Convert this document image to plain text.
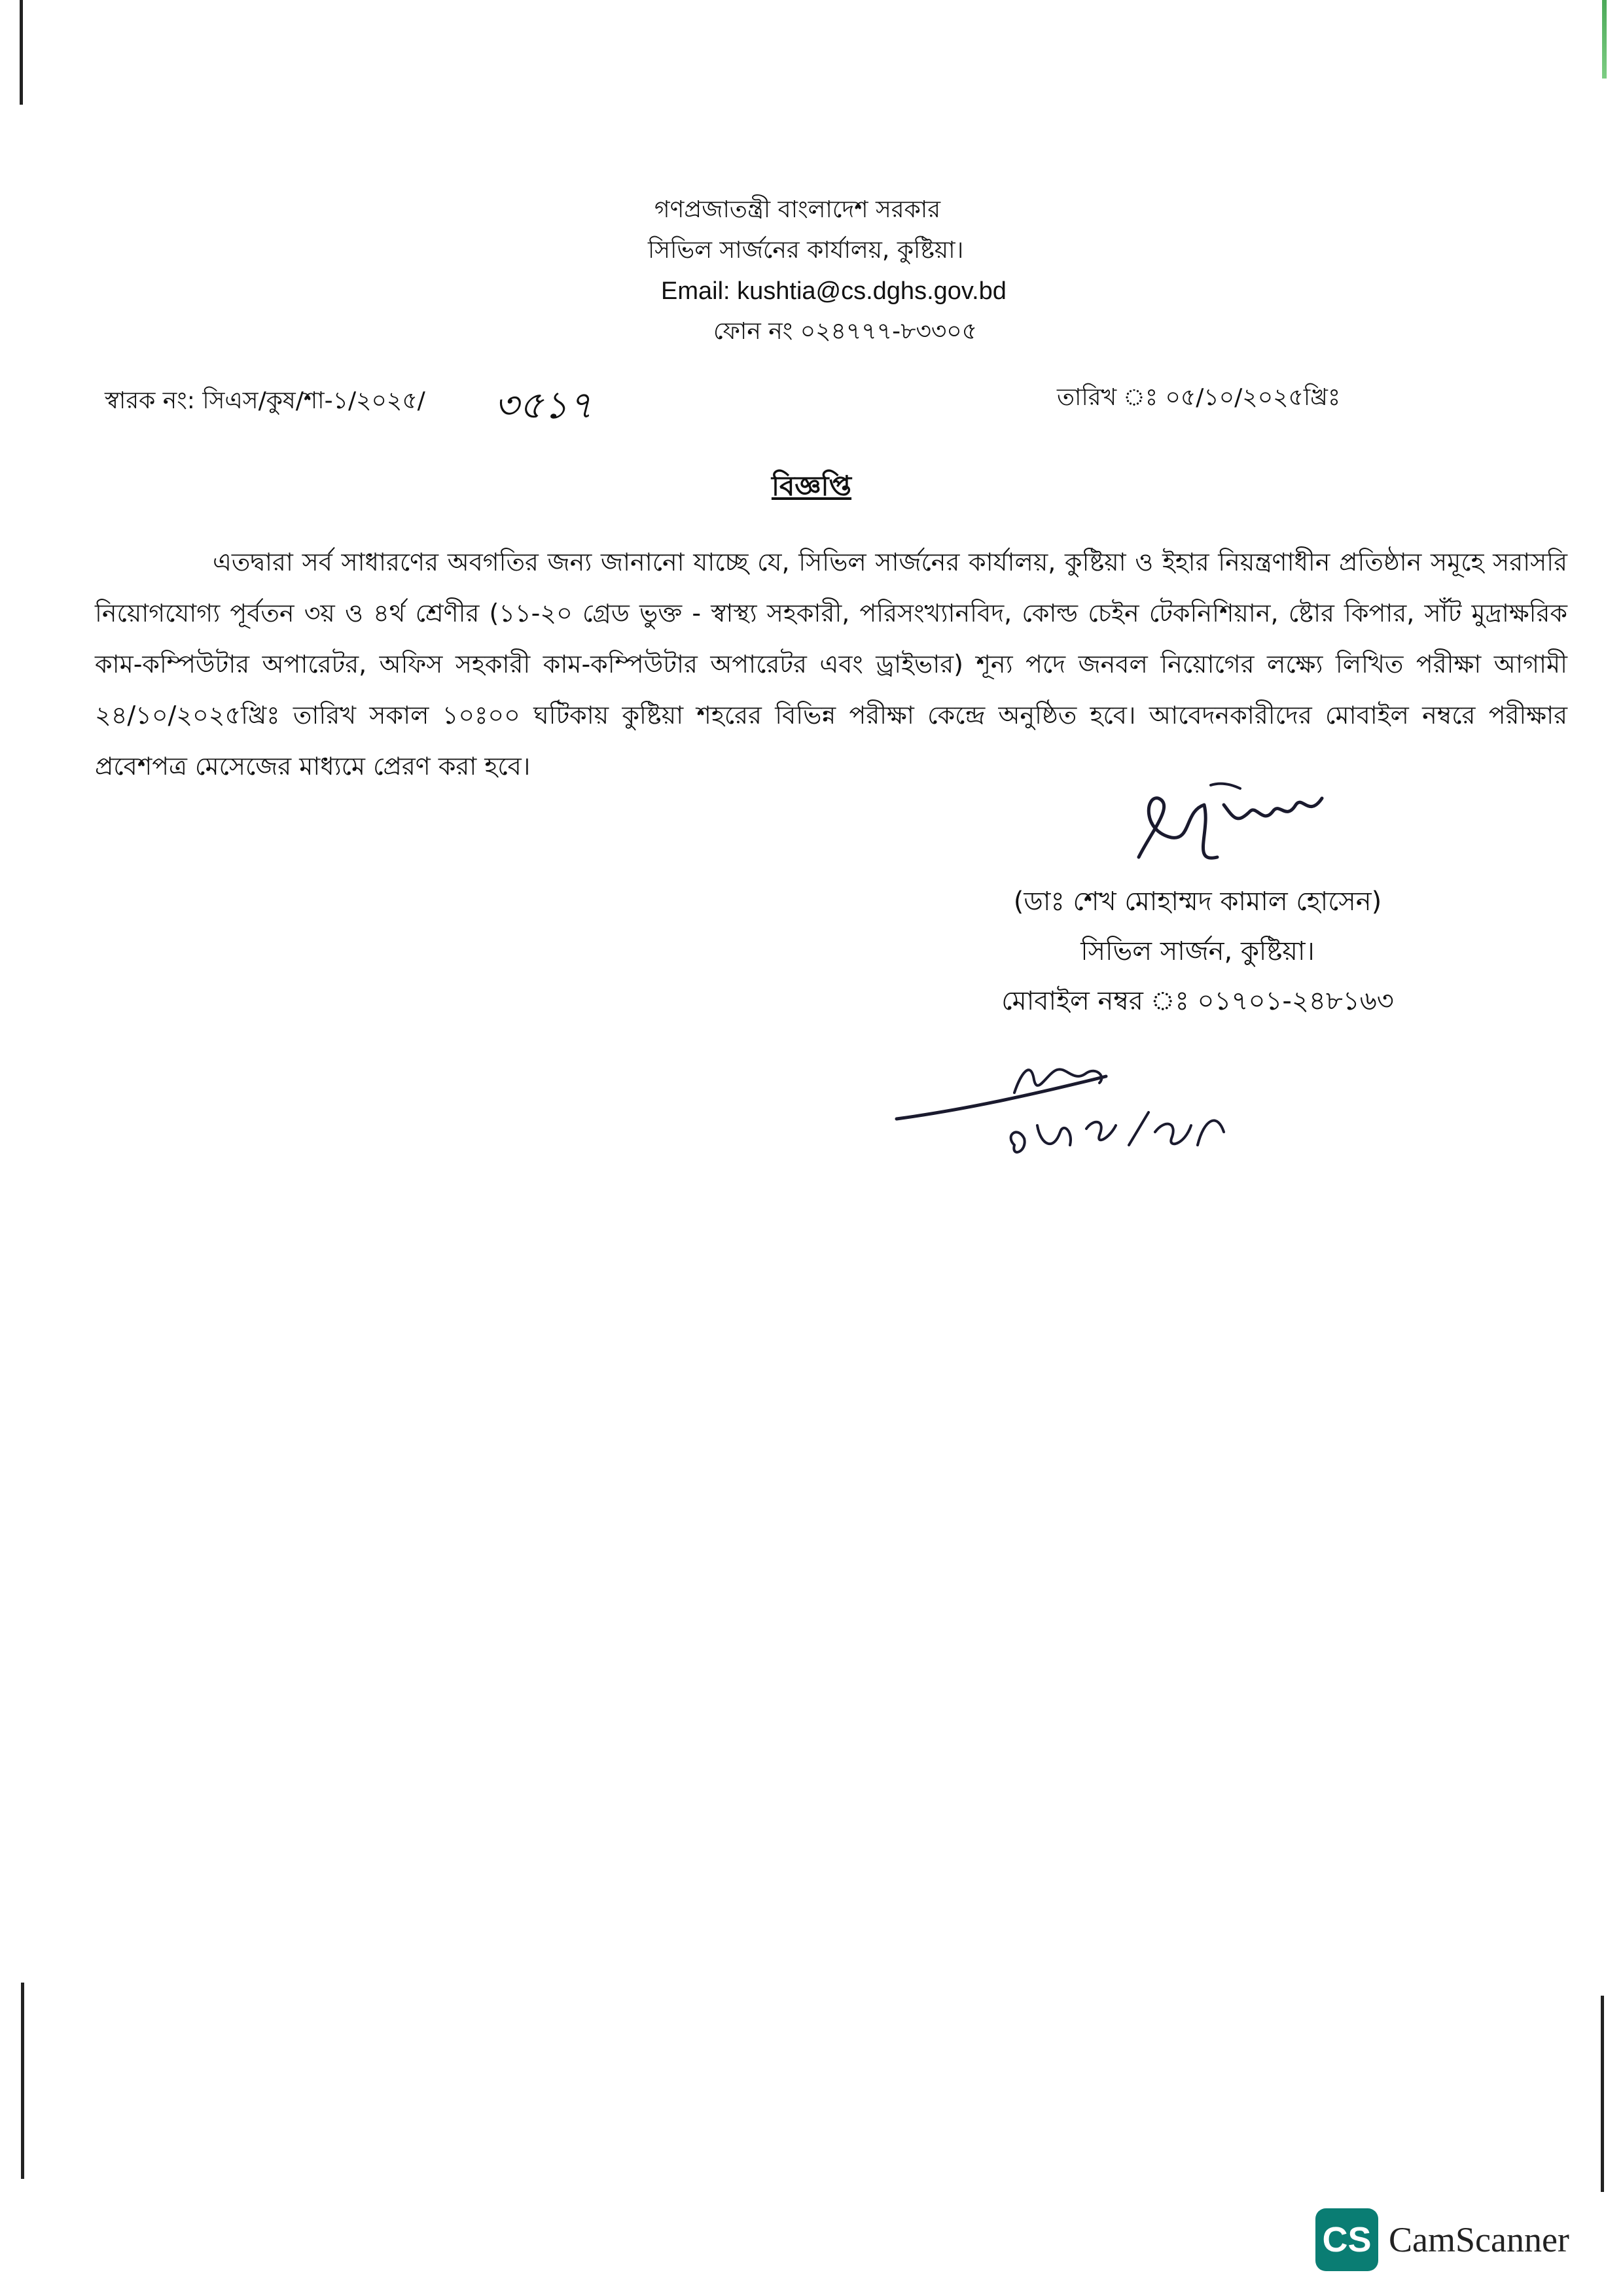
গণপ্রজাতন্ত্রী বাংলাদেশ সরকার
সিভিল সার্জনের কার্যালয়, কুষ্টিয়া।
Email: kushtia@cs.dghs.gov.bd
ফোন নং ০২৪৭৭৭-৮৩৩০৫
স্বারক নং: সিএস/কুষ/শা-১/২০২৫/ ৩৫১৭	তারিখ ঃ ০৫/১০/২০২৫খ্রিঃ
বিজ্ঞপ্তি
এতদ্বারা সর্ব সাধারণের অবগতির জন্য জানানো যাচ্ছে যে, সিভিল সার্জনের কার্যালয়, কুষ্টিয়া ও ইহার নিয়ন্ত্রণাধীন প্রতিষ্ঠান সমূহে সরাসরি নিয়োগযোগ্য পূর্বতন ৩য় ও ৪র্থ শ্রেণীর (১১-২০ গ্রেড ভুক্ত - স্বাস্থ্য সহকারী, পরিসংখ্যানবিদ, কোল্ড চেইন টেকনিশিয়ান, ষ্টোর কিপার, সাঁট মুদ্রাক্ষরিক কাম-কম্পিউটার অপারেটর, অফিস সহকারী কাম-কম্পিউটার অপারেটর এবং ড্রাইভার) শূন্য পদে জনবল নিয়োগের লক্ষ্যে লিখিত পরীক্ষা আগামী ২৪/১০/২০২৫খ্রিঃ তারিখ সকাল ১০ঃ০০ ঘটিকায় কুষ্টিয়া শহরের বিভিন্ন পরীক্ষা কেন্দ্রে অনুষ্ঠিত হবে। আবেদনকারীদের মোবাইল নম্বরে পরীক্ষার প্রবেশপত্র মেসেজের মাধ্যমে প্রেরণ করা হবে।
(ডাঃ শেখ মোহাম্মদ কামাল হোসেন)
সিভিল সার্জন, কুষ্টিয়া।
মোবাইল নম্বর ঃ ০১৭০১-২৪৮১৬৩
CS CamScanner
